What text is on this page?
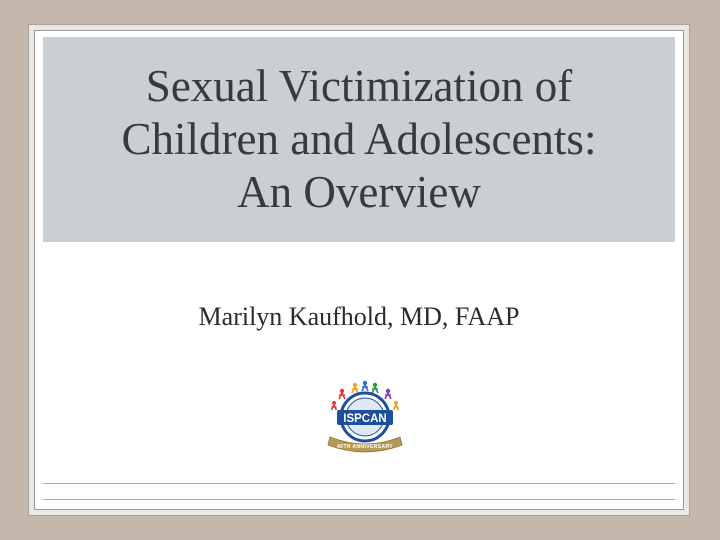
Sexual Victimization of
Children and Adolescents:
An Overview
Marilyn Kaufhold, MD, FAAP
ISPCAN
40TH ANNIVERSARY
